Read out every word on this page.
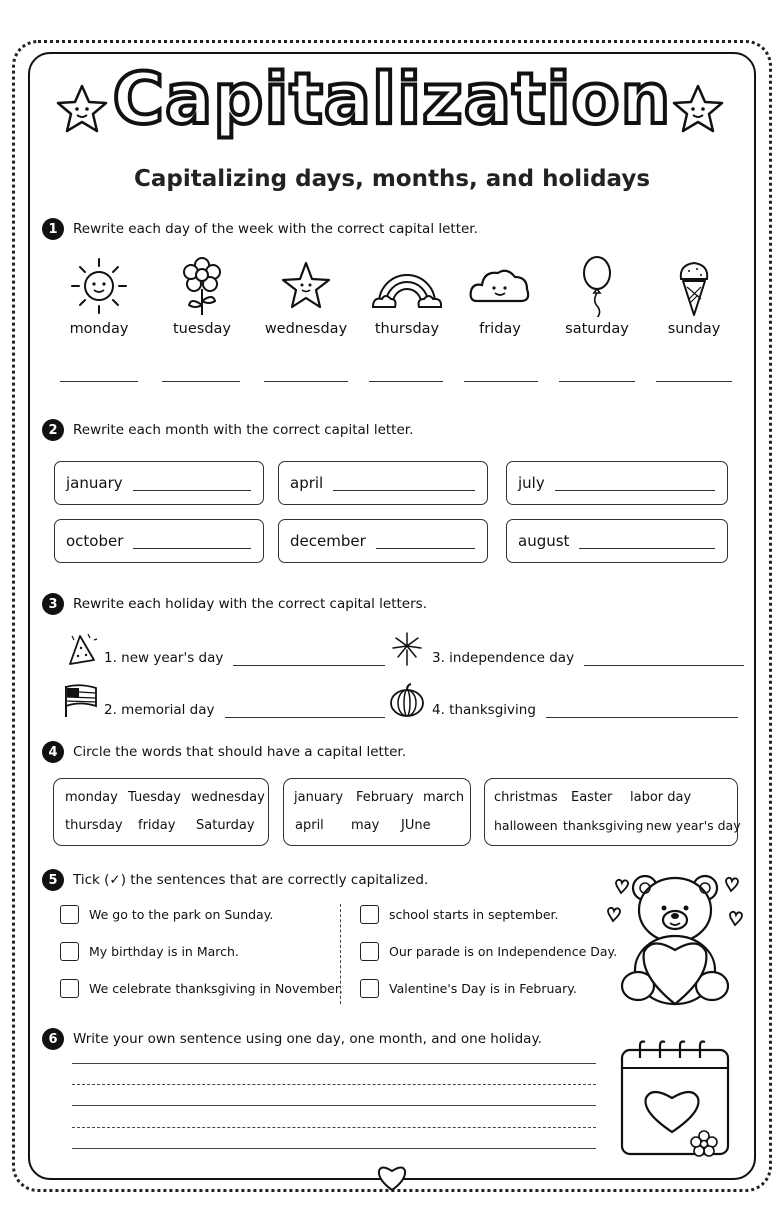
Capitalization
Capitalizing days, months, and holidays
1	Rewrite each day of the week with the correct capital letter.
monday	tuesday	wednesday	thursday	friday	saturday	sunday
2	Rewrite each month with the correct capital letter.
january	april	july
october	december	august
3	Rewrite each holiday with the correct capital letters.
1. new year's day	3. independence day
2. memorial day	4. thanksgiving
4	Circle the words that should have a capital letter.
monday Tuesday wednesday
thursday friday Saturday
january February march
april may JUne
christmas Easter labor day
halloween thanksgiving new year's day
5	Tick (✓) the sentences that are correctly capitalized.
We go to the park on Sunday.
My birthday is in March.
We celebrate thanksgiving in November.
school starts in september.
Our parade is on Independence Day.
Valentine's Day is in February.
6	Write your own sentence using one day, one month, and one holiday.
